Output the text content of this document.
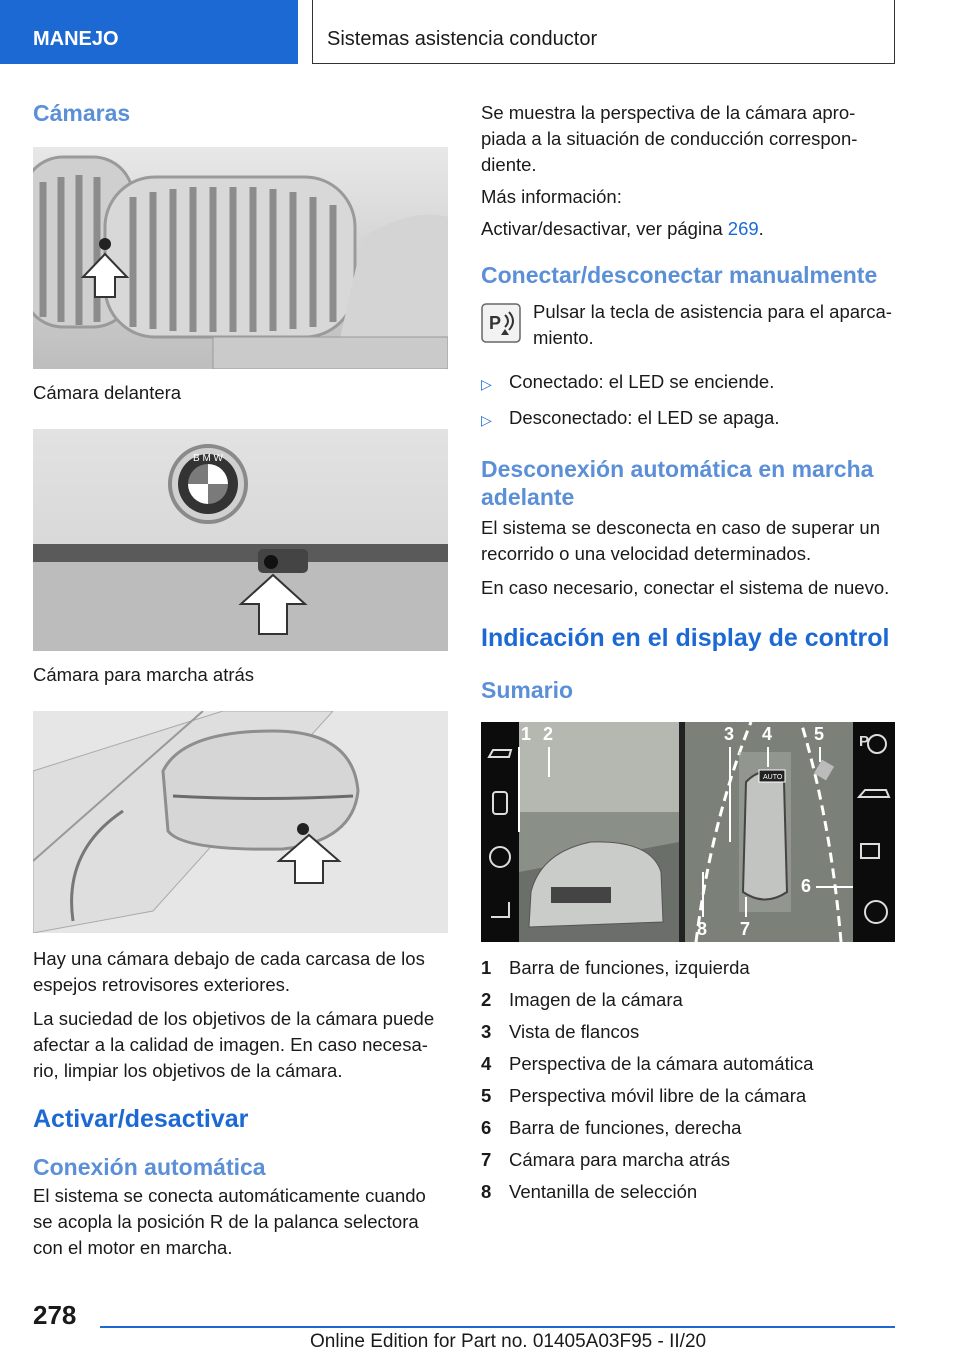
MANEJO	Sistemas asistencia conductor
Cámaras
Cámara delantera
B M W
Cámara para marcha atrás

Hay una cámara debajo de cada carcasa de los espejos retrovisores exteriores.

La suciedad de los objetivos de la cámara puede afectar a la calidad de imagen. En caso necesa‐rio, limpiar los objetivos de la cámara.

Activar/desactivar
Conexión automática

El sistema se conecta automáticamente cuando se acopla la posición R de la palanca selectora con el motor en marcha.

Se muestra la perspectiva de la cámara apro‐piada a la situación de conducción correspon‐diente.

Más información:

Activar/desactivar, ver página 269.

Conectar/desconectar manualmente
P

Pulsar la tecla de asistencia para el aparca‐miento.

▷ Conectado: el LED se enciende.
▷ Desconectado: el LED se apaga.
Desconexión automática en marcha adelante

El sistema se desconecta en caso de superar un recorrido o una velocidad determinados.

En caso necesario, conectar el sistema de nuevo.

Indicación en el display de control
Sumario
AUTO
P
1 2	3 4 5
6
7
8
1 Barra de funciones, izquierda
2 Imagen de la cámara
3 Vista de flancos
4 Perspectiva de la cámara automática
5 Perspectiva móvil libre de la cámara
6 Barra de funciones, derecha
7 Cámara para marcha atrás
8 Ventanilla de selección
278
Online Edition for Part no. 01405A03F95 - II/20
